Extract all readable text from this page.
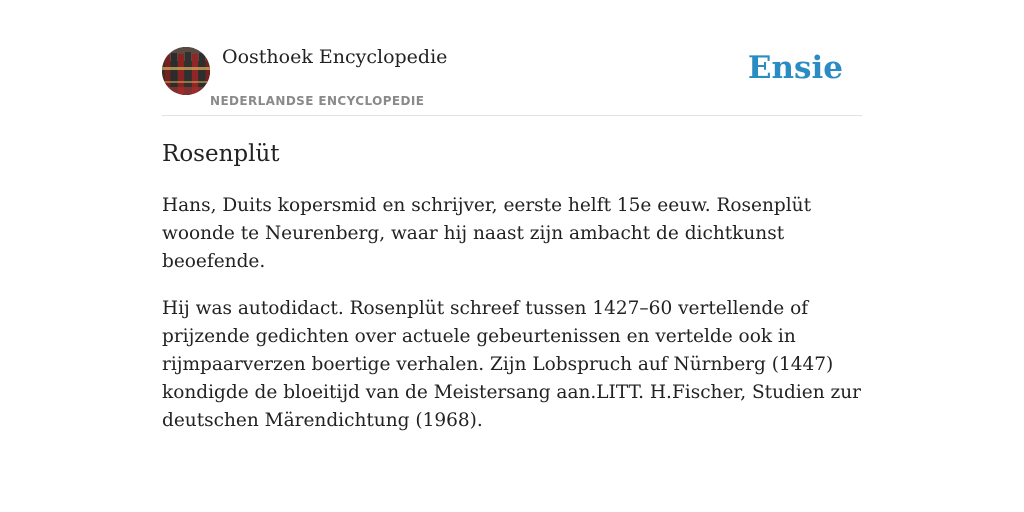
Oosthoek Encyclopedie
NEDERLANDSE ENCYCLOPEDIE
Ensie
Rosenplüt

Hans, Duits kopersmid en schrijver, eerste helft 15e eeuw. Rosenplüt woonde te Neurenberg, waar hij naast zijn ambacht de dichtkunst beoefende.

Hij was autodidact. Rosenplüt schreef tussen 1427–60 vertellende of prijzende gedichten over actuele gebeurtenissen en vertelde ook in rijmpaarverzen boertige verhalen. Zijn Lobspruch auf Nürnberg (1447) kondigde de bloeitijd van de Meistersang aan.LITT. H.Fischer, Studien zur deutschen Märendichtung (1968).
